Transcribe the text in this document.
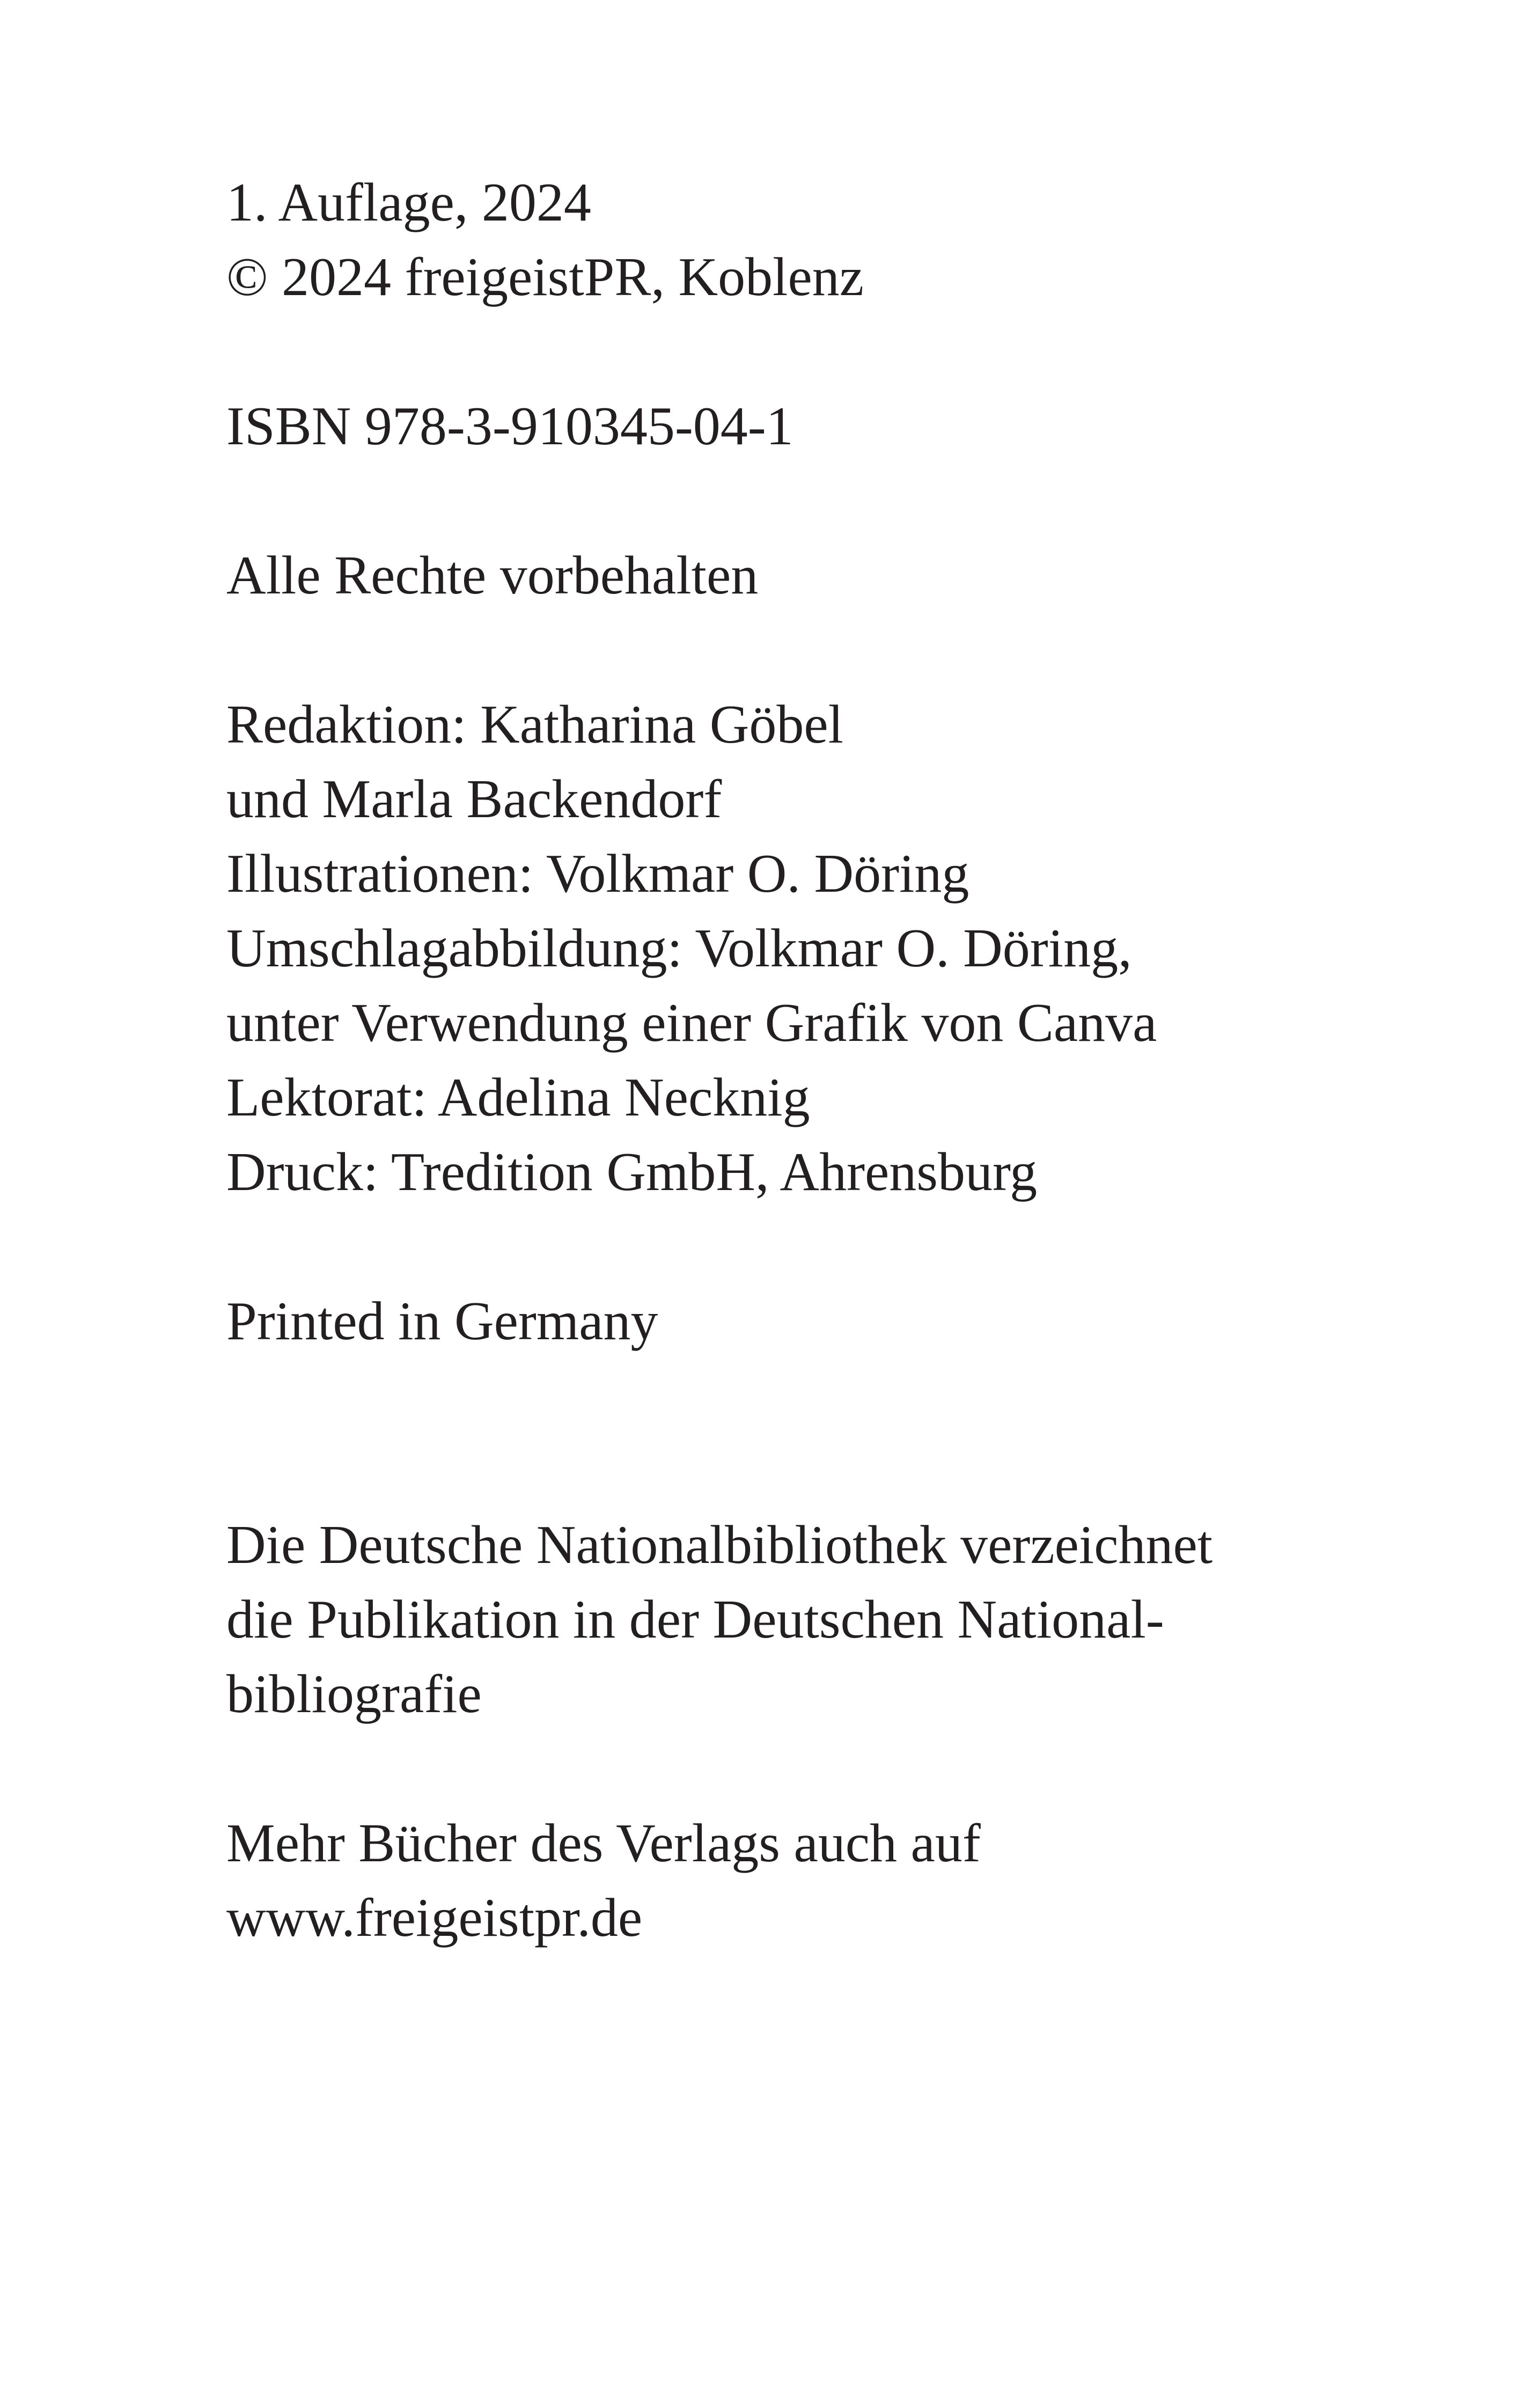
1. Auflage, 2024
© 2024 freigeistPR, Koblenz
ISBN 978-3-910345-04-1
Alle Rechte vorbehalten
Redaktion: Katharina Göbel
und Marla Backendorf
Illustrationen: Volkmar O. Döring
Umschlagabbildung: Volkmar O. Döring,
unter Verwendung einer Grafik von Canva
Lektorat: Adelina Necknig
Druck: Tredition GmbH, Ahrensburg
Printed in Germany
Die Deutsche Nationalbibliothek verzeichnet
die Publikation in der Deutschen National-
bibliografie
Mehr Bücher des Verlags auch auf
www.freigeistpr.de
